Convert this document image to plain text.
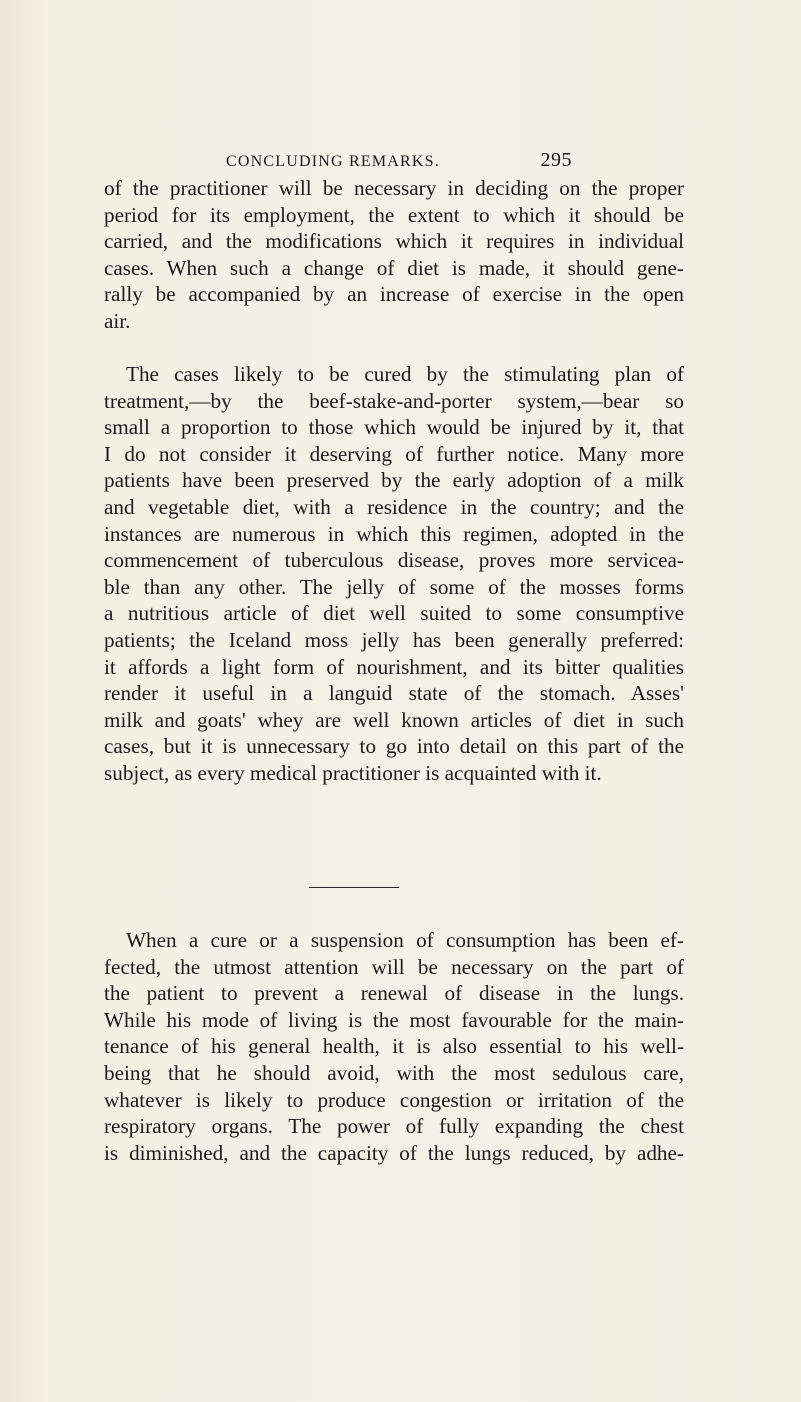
CONCLUDING REMARKS.	295
of the practitioner will be necessary in deciding on the proper
period for its employment, the extent to which it should be
carried, and the modifications which it requires in individual
cases. When such a change of diet is made, it should gene-
rally be accompanied by an increase of exercise in the open
air.
The cases likely to be cured by the stimulating plan of
treatment,—by the beef-stake-and-porter system,—bear so
small a proportion to those which would be injured by it, that
I do not consider it deserving of further notice. Many more
patients have been preserved by the early adoption of a milk
and vegetable diet, with a residence in the country; and the
instances are numerous in which this regimen, adopted in the
commencement of tuberculous disease, proves more servicea-
ble than any other. The jelly of some of the mosses forms
a nutritious article of diet well suited to some consumptive
patients; the Iceland moss jelly has been generally preferred:
it affords a light form of nourishment, and its bitter qualities
render it useful in a languid state of the stomach. Asses'
milk and goats' whey are well known articles of diet in such
cases, but it is unnecessary to go into detail on this part of the
subject, as every medical practitioner is acquainted with it.
When a cure or a suspension of consumption has been ef-
fected, the utmost attention will be necessary on the part of
the patient to prevent a renewal of disease in the lungs.
While his mode of living is the most favourable for the main-
tenance of his general health, it is also essential to his well-
being that he should avoid, with the most sedulous care,
whatever is likely to produce congestion or irritation of the
respiratory organs. The power of fully expanding the chest
is diminished, and the capacity of the lungs reduced, by adhe-
